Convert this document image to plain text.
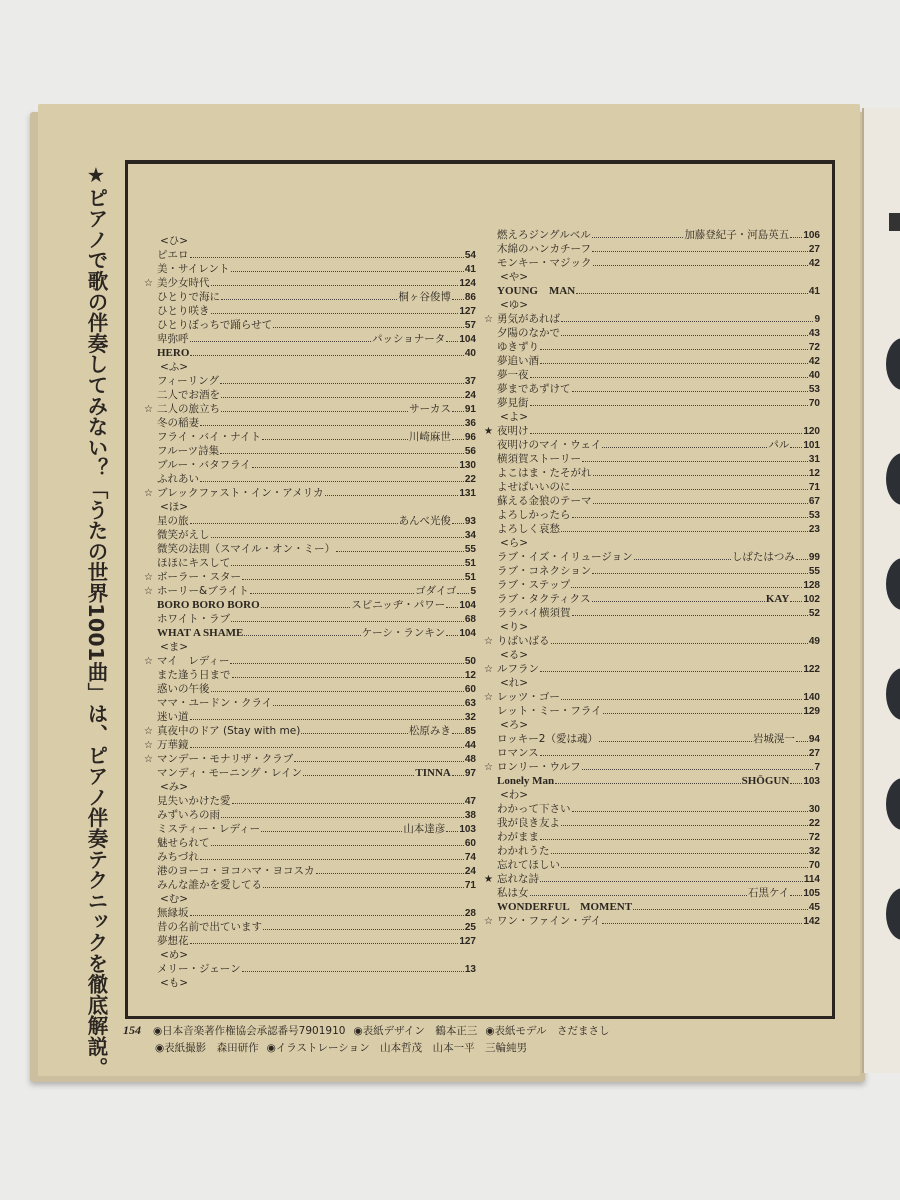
★ピアノで歌の伴奏してみない？「うたの世界1001曲」は、ピアノ伴奏テクニックを徹底解説。	<ひ>
ピエロ	54
美・サイレント	41
☆ 美少女時代	124
ひとりで海に	桐ヶ谷俊博 86
ひとり咲き	127
ひとりぼっちで踊らせて	57
卑弥呼	パッショナータ 104
HERO	40
<ふ>
フィーリング	37
二人でお酒を	24
☆ 二人の旅立ち	サーカス 91
冬の稲妻	36
フライ・バイ・ナイト	川崎麻世 96
フルーツ詩集	56
ブルー・バタフライ	130
ふれあい	22
☆ ブレックファスト・イン・アメリカ	131
<ほ>
星の旅	あんべ光俊 93
微笑がえし	34
微笑の法則（スマイル・オン・ミー）	55
ほほにキスして	51
☆ ボーラー・スター	51
☆ ホーリー&ブライト	ゴダイゴ 5
BORO BORO BORO	スピニッヂ・パワー 104
ホワイト・ラブ	68
WHAT A SHAME	ケーシ・ランキン 104
<ま>
☆ マイ　レディー	50
また逢う日まで	12
惑いの午後	60
ママ・ユードン・クライ	63
迷い道	32
☆ 真夜中のドア (Stay with me)	松原みき 85
☆ 万華鏡	44
☆ マンデー・モナリザ・クラブ	48
マンディ・モーニング・レイン	TINNA 97
<み>
見失いかけた愛	47
みずいろの雨	38
ミスティー・レディー	山本達彦 103
魅せられて	60
みちづれ	74
港のヨーコ・ヨコハマ・ヨコスカ	24
みんな誰かを愛してる	71
<む>
無縁坂	28
昔の名前で出ています	25
夢想花	127
<め>
メリー・ジェーン	13
<も>
燃えろジングルベル	加藤登紀子・河島英五 106
木綿のハンカチーフ	27
モンキー・マジック	42
<や>
YOUNG　MAN	41
<ゆ>
☆ 勇気があれば	9
夕陽のなかで	43
ゆきずり	72
夢追い酒	42
夢一夜	40
夢まであずけて	53
夢見街	70
<よ>
★ 夜明け	120
夜明けのマイ・ウェイ	パル 101
横須賀ストーリー	31
よこはま・たそがれ	12
よせばいいのに	71
蘇える金狼のテーマ	67
よろしかったら	53
よろしく哀愁	23
<ら>
ラブ・イズ・イリュージョン	しばたはつみ 99
ラブ・コネクション	55
ラブ・ステップ	128
ラブ・タクティクス	KAY 102
ララバイ横須賀	52
<り>
☆ りばいばる	49
<る>
☆ ルフラン	122
<れ>
☆ レッツ・ゴー	140
レット・ミー・フライ	129
<ろ>
ロッキー2（愛は魂）	岩城滉一 94
ロマンス	27
☆ ロンリー・ウルフ	7
Lonely Man	SHŌGUN 103
<わ>
わかって下さい	30
我が良き友よ	22
わがまま	72
わかれうた	32
忘れてほしい	70
★ 忘れな詩	114
私は女	石黒ケイ 105
WONDERFUL　MOMENT	45
☆ ワン・ファイン・デイ	142
154 ◉日本音楽著作権協会承認番号7901910 ◉表紙デザイン　鶴本正三 ◉表紙モデル　さだまさし
◉表紙撮影　森田研作 ◉イラストレーション　山本哲茂　山本一平　三輪純男
